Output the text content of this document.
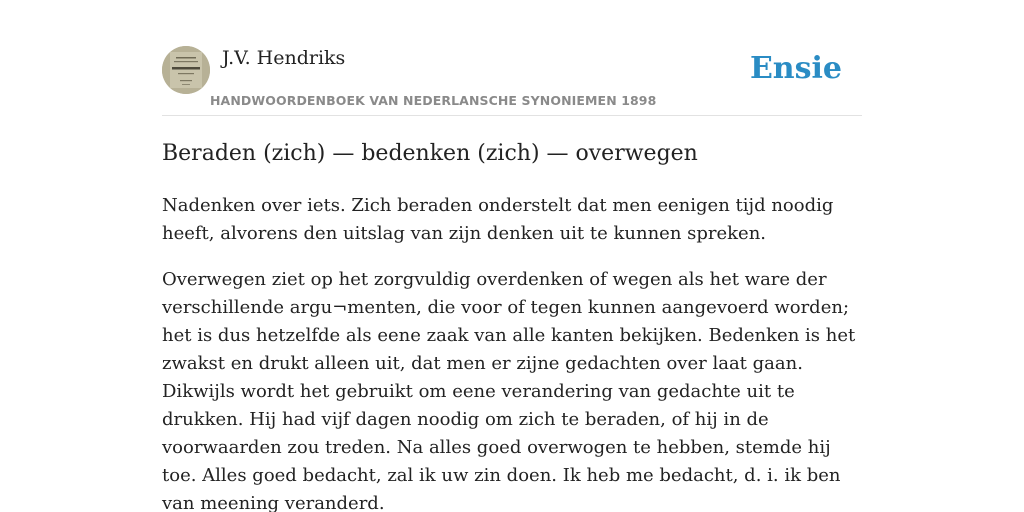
J.V. Hendriks
HANDWOORDENBOEK VAN NEDERLANSCHE SYNONIEMEN 1898
Ensie
Beraden (zich) — bedenken (zich) — overwegen

Nadenken over iets. Zich beraden onderstelt dat men eenigen tijd noodig heeft, alvorens den uitslag van zijn denken uit te kunnen spreken.

Overwegen ziet op het zorgvuldig overdenken of wegen als het ware der verschillende argu¬menten, die voor of tegen kunnen aangevoerd worden; het is dus hetzelfde als eene zaak van alle kanten bekijken. Bedenken is het zwakst en drukt alleen uit, dat men er zijne gedachten over laat gaan. Dikwijls wordt het gebruikt om eene verandering van gedachte uit te drukken. Hij had vijf dagen noodig om zich te beraden, of hij in de voorwaarden zou treden. Na alles goed overwogen te hebben, stemde hij toe. Alles goed bedacht, zal ik uw zin doen. Ik heb me bedacht, d. i. ik ben van meening veranderd.
